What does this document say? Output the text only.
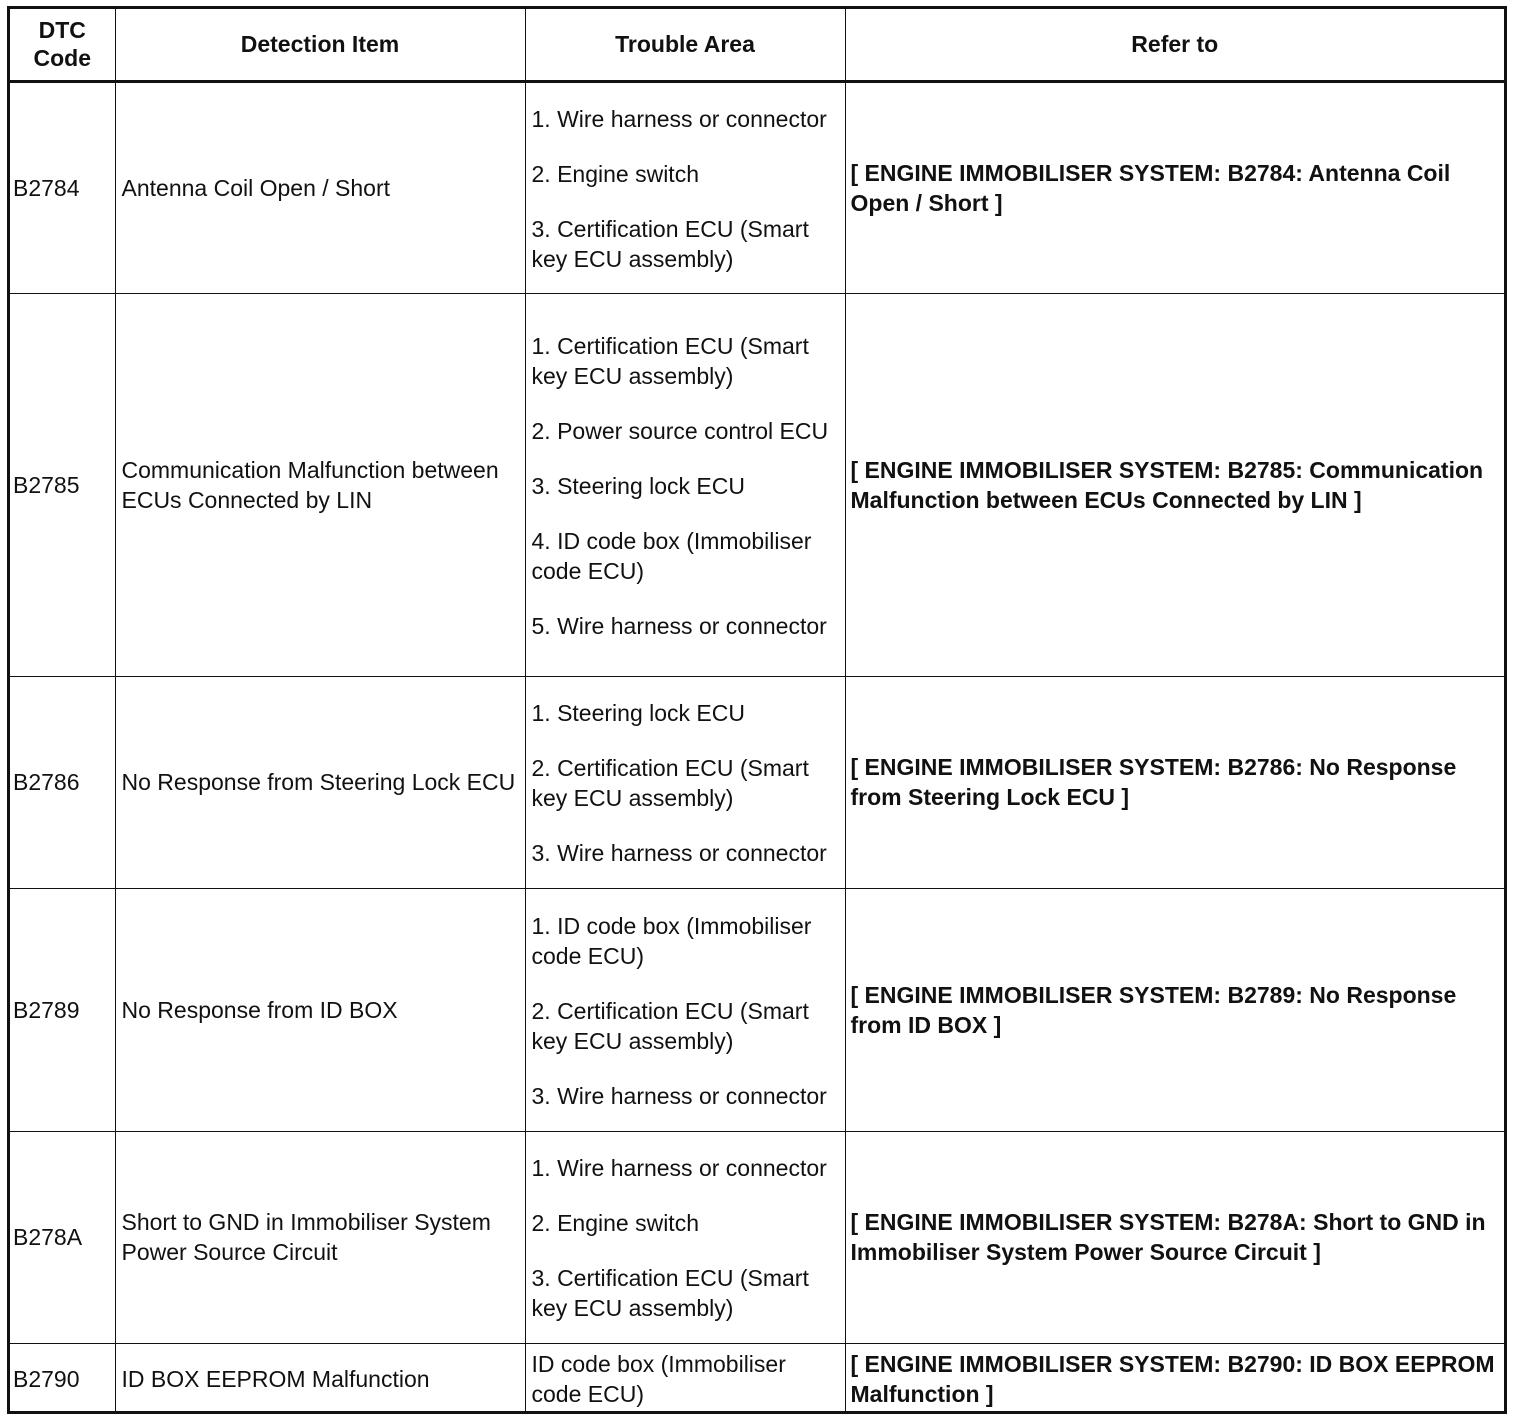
DTC Code	Detection Item	Trouble Area	Refer to
B2784	Antenna Coil Open / Short	1. Wire harness or connector
2. Engine switch
3. Certification ECU (Smart key ECU assembly)	[ ENGINE IMMOBILISER SYSTEM: B2784: Antenna Coil Open / Short ]
B2785	Communication Malfunction between ECUs Connected by LIN	1. Certification ECU (Smart key ECU assembly)
2. Power source control ECU
3. Steering lock ECU
4. ID code box (Immobiliser code ECU)
5. Wire harness or connector	[ ENGINE IMMOBILISER SYSTEM: B2785: Communication Malfunction between ECUs Connected by LIN ]
B2786	No Response from Steering Lock ECU	1. Steering lock ECU
2. Certification ECU (Smart key ECU assembly)
3. Wire harness or connector	[ ENGINE IMMOBILISER SYSTEM: B2786: No Response from Steering Lock ECU ]
B2789	No Response from ID BOX	1. ID code box (Immobiliser code ECU)
2. Certification ECU (Smart key ECU assembly)
3. Wire harness or connector	[ ENGINE IMMOBILISER SYSTEM: B2789: No Response from ID BOX ]
B278A	Short to GND in Immobiliser System Power Source Circuit	1. Wire harness or connector
2. Engine switch
3. Certification ECU (Smart key ECU assembly)	[ ENGINE IMMOBILISER SYSTEM: B278A: Short to GND in Immobiliser System Power Source Circuit ]
B2790	ID BOX EEPROM Malfunction	ID code box (Immobiliser code ECU)	[ ENGINE IMMOBILISER SYSTEM: B2790: ID BOX EEPROM Malfunction ]
